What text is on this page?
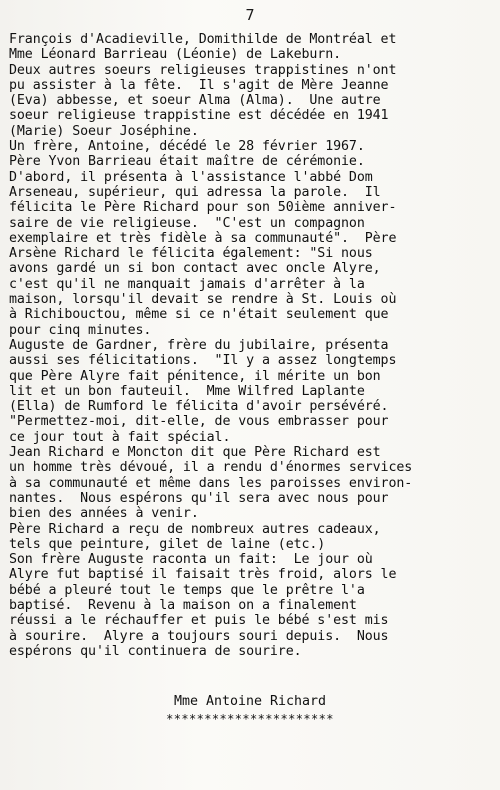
7
François d'Acadieville, Domithilde de Montréal et
Mme Léonard Barrieau (Léonie) de Lakeburn.
Deux autres soeurs religieuses trappistines n'ont
pu assister à la fête.  Il s'agit de Mère Jeanne
(Eva) abbesse, et soeur Alma (Alma).  Une autre
soeur religieuse trappistine est décédée en 1941
(Marie) Soeur Joséphine.
Un frère, Antoine, décédé le 28 février 1967.
Père Yvon Barrieau était maître de cérémonie.
D'abord, il présenta à l'assistance l'abbé Dom
Arseneau, supérieur, qui adressa la parole.  Il
félicita le Père Richard pour son 50ième anniver-
saire de vie religieuse.  "C'est un compagnon
exemplaire et très fidèle à sa communauté".  Père
Arsène Richard le félicita également: "Si nous
avons gardé un si bon contact avec oncle Alyre,
c'est qu'il ne manquait jamais d'arrêter à la
maison, lorsqu'il devait se rendre à St. Louis où
à Richibouctou, même si ce n'était seulement que
pour cinq minutes.
Auguste de Gardner, frère du jubilaire, présenta
aussi ses félicitations.  "Il y a assez longtemps
que Père Alyre fait pénitence, il mérite un bon
lit et un bon fauteuil.  Mme Wilfred Laplante
(Ella) de Rumford le félicita d'avoir persévéré.
"Permettez-moi, dit-elle, de vous embrasser pour
ce jour tout à fait spécial.
Jean Richard e Moncton dit que Père Richard est
un homme très dévoué, il a rendu d'énormes services
à sa communauté et même dans les paroisses environ-
nantes.  Nous espérons qu'il sera avec nous pour
bien des années à venir.
Père Richard a reçu de nombreux autres cadeaux,
tels que peinture, gilet de laine (etc.)
Son frère Auguste raconta un fait:  Le jour où
Alyre fut baptisé il faisait très froid, alors le
bébé a pleuré tout le temps que le prêtre l'a
baptisé.  Revenu à la maison on a finalement
réussi a le réchauffer et puis le bébé s'est mis
à sourire.  Alyre a toujours souri depuis.  Nous
espérons qu'il continuera de sourire.
Mme Antoine Richard
**********************
